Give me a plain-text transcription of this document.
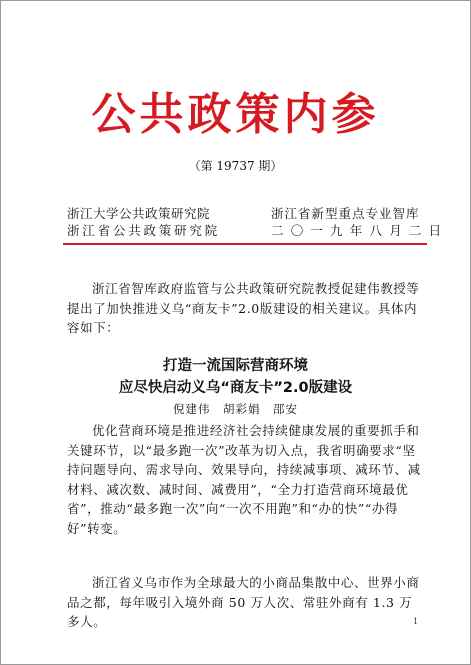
公共政策内参
（第 19737 期）
浙江大学公共政策研究院
浙江省公共政策研究院
浙江省新型重点专业智库
二〇一九年八月二日
浙江省智库政府监管与公共政策研究院教授促建伟教授等提出了加快推进义乌“商友卡”2.0版建设的相关建议。具体内容如下：
打造一流国际营商环境
应尽快启动义乌“商友卡”2.0版建设
倪建伟　胡彩娟　邵安
优化营商环境是推进经济社会持续健康发展的重要抓手和关键环节，以“最多跑一次”改革为切入点，我省明确要求“坚持问题导向、需求导向、效果导向，持续减事项、减环节、减材料、减次数、减时间、减费用”，“全力打造营商环境最优省”，推动“最多跑一次”向“一次不用跑”和“办的快”“办得好”转变。
浙江省义乌市作为全球最大的小商品集散中心、世界小商品之都，每年吸引入境外商 50 万人次、常驻外商有 1.3 万多人。	1
